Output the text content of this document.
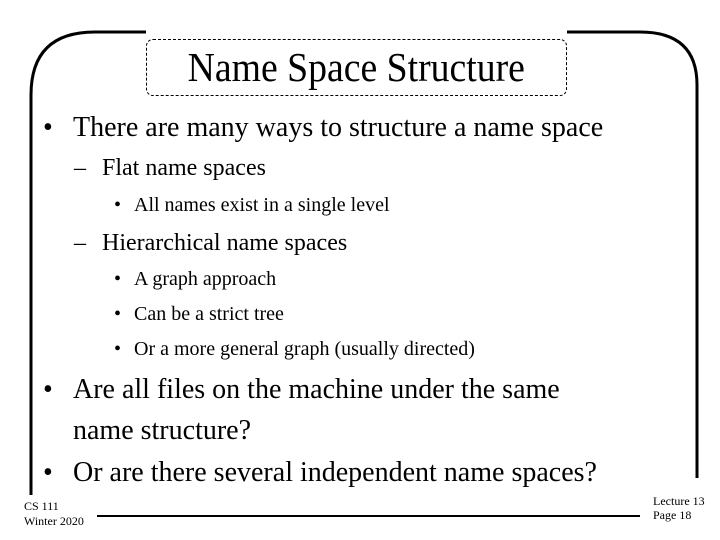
Name Space Structure
• There are many ways to structure a name space
– Flat name spaces
• All names exist in a single level
– Hierarchical name spaces
• A graph approach
• Can be a strict tree
• Or a more general graph (usually directed)
• Are all files on the machine under the same
name structure?
• Or are there several independent name spaces?
CS 111
Winter 2020
Lecture 13
Page 18
